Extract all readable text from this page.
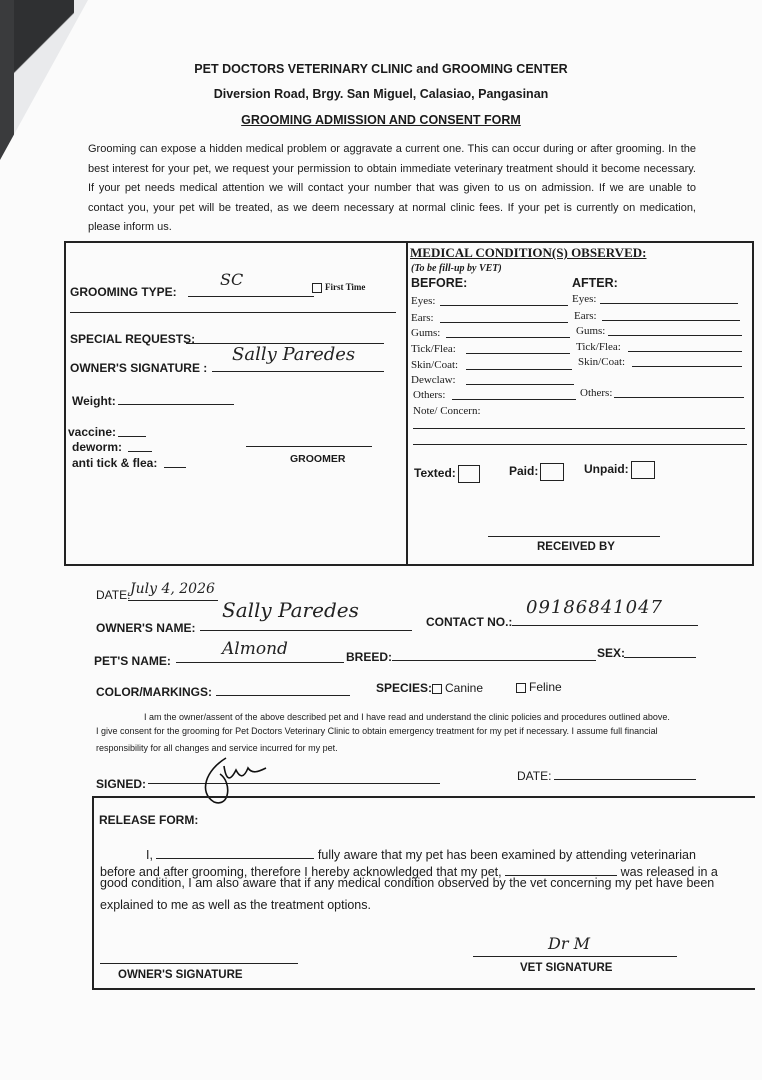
PET DOCTORS VETERINARY CLINIC and GROOMING CENTER
Diversion Road, Brgy. San Miguel, Calasiao, Pangasinan
GROOMING ADMISSION AND CONSENT FORM
Grooming can expose a hidden medical problem or aggravate a current one. This can occur during or after grooming. In the best interest for your pet, we request your permission to obtain immediate veterinary treatment should it become necessary. If your pet needs medical attention we will contact your number that was given to us on admission. If we are unable to contact you, your pet will be treated, as we deem necessary at normal clinic fees. If your pet is currently on medication, please inform us.
GROOMING TYPE:
SC	First Time
SPECIAL REQUESTS:
OWNER'S SIGNATURE :
Sally Paredes
Weight:
vaccine:
deworm:
anti tick & flea:	GROOMER
MEDICAL CONDITION(S) OBSERVED:
(To be fill-up by VET)
BEFORE:	AFTER:
Eyes:
Ears:
Gums:
Tick/Flea:
Skin/Coat:
Dewclaw:
Others:
Eyes:
Ears:
Gums:
Tick/Flea:
Skin/Coat:
Others:
Note/ Concern:
Texted:	Paid:	Unpaid:
RECEIVED BY
DATE: July 4, 2026
OWNER'S NAME:
Sally Paredes	CONTACT NO.:
09186841047
PET'S NAME:
Almond	BREED:	SEX:
COLOR/MARKINGS:	SPECIES:	Canine	Feline
I am the owner/assent of the above described pet and I have read and understand the clinic policies and procedures outlined above.
I give consent for the grooming for Pet Doctors Veterinary Clinic to obtain emergency treatment for my pet if necessary. I assume full financial
responsibility for all changes and service incurred for my pet.
SIGNED:
DATE:
RELEASE FORM:
I,	fully aware that my pet has been examined by attending veterinarian
before and after grooming, therefore I hereby acknowledged that my pet,	was released in a
good condition, I am also aware that if any medical condition observed by the vet concerning my pet have been
explained to me as well as the treatment options.
OWNER'S SIGNATURE
Dr M
VET SIGNATURE
